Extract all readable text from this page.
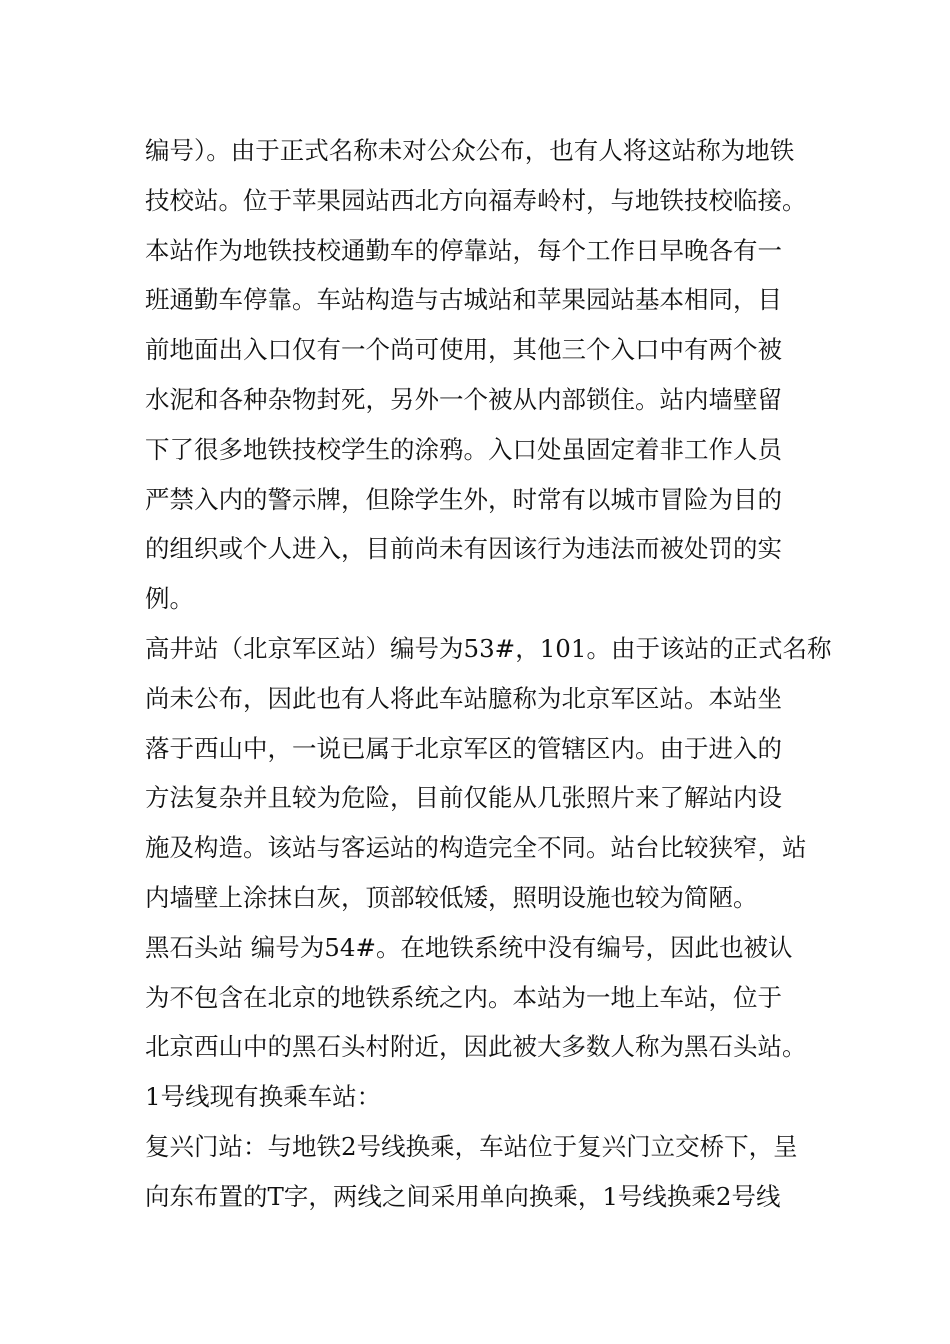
编号）。由于正式名称未对公众公布，也有人将这站称为地铁
技校站。位于苹果园站西北方向福寿岭村，与地铁技校临接。
本站作为地铁技校通勤车的停靠站，每个工作日早晚各有一
班通勤车停靠。车站构造与古城站和苹果园站基本相同，目
前地面出入口仅有一个尚可使用，其他三个入口中有两个被
水泥和各种杂物封死，另外一个被从内部锁住。站内墙壁留
下了很多地铁技校学生的涂鸦。入口处虽固定着非工作人员
严禁入内的警示牌，但除学生外，时常有以城市冒险为目的
的组织或个人进入，目前尚未有因该行为违法而被处罚的实
例。
高井站（北京军区站）编号为53#，101。由于该站的正式名称
尚未公布，因此也有人将此车站臆称为北京军区站。本站坐
落于西山中，一说已属于北京军区的管辖区内。由于进入的
方法复杂并且较为危险，目前仅能从几张照片来了解站内设
施及构造。该站与客运站的构造完全不同。站台比较狭窄，站
内墙壁上涂抹白灰，顶部较低矮，照明设施也较为简陋。
黑石头站 编号为54#。在地铁系统中没有编号，因此也被认
为不包含在北京的地铁系统之内。本站为一地上车站，位于
北京西山中的黑石头村附近，因此被大多数人称为黑石头站。
1号线现有换乘车站：
复兴门站：与地铁2号线换乘，车站位于复兴门立交桥下，呈
向东布置的T字，两线之间采用单向换乘，1号线换乘2号线
